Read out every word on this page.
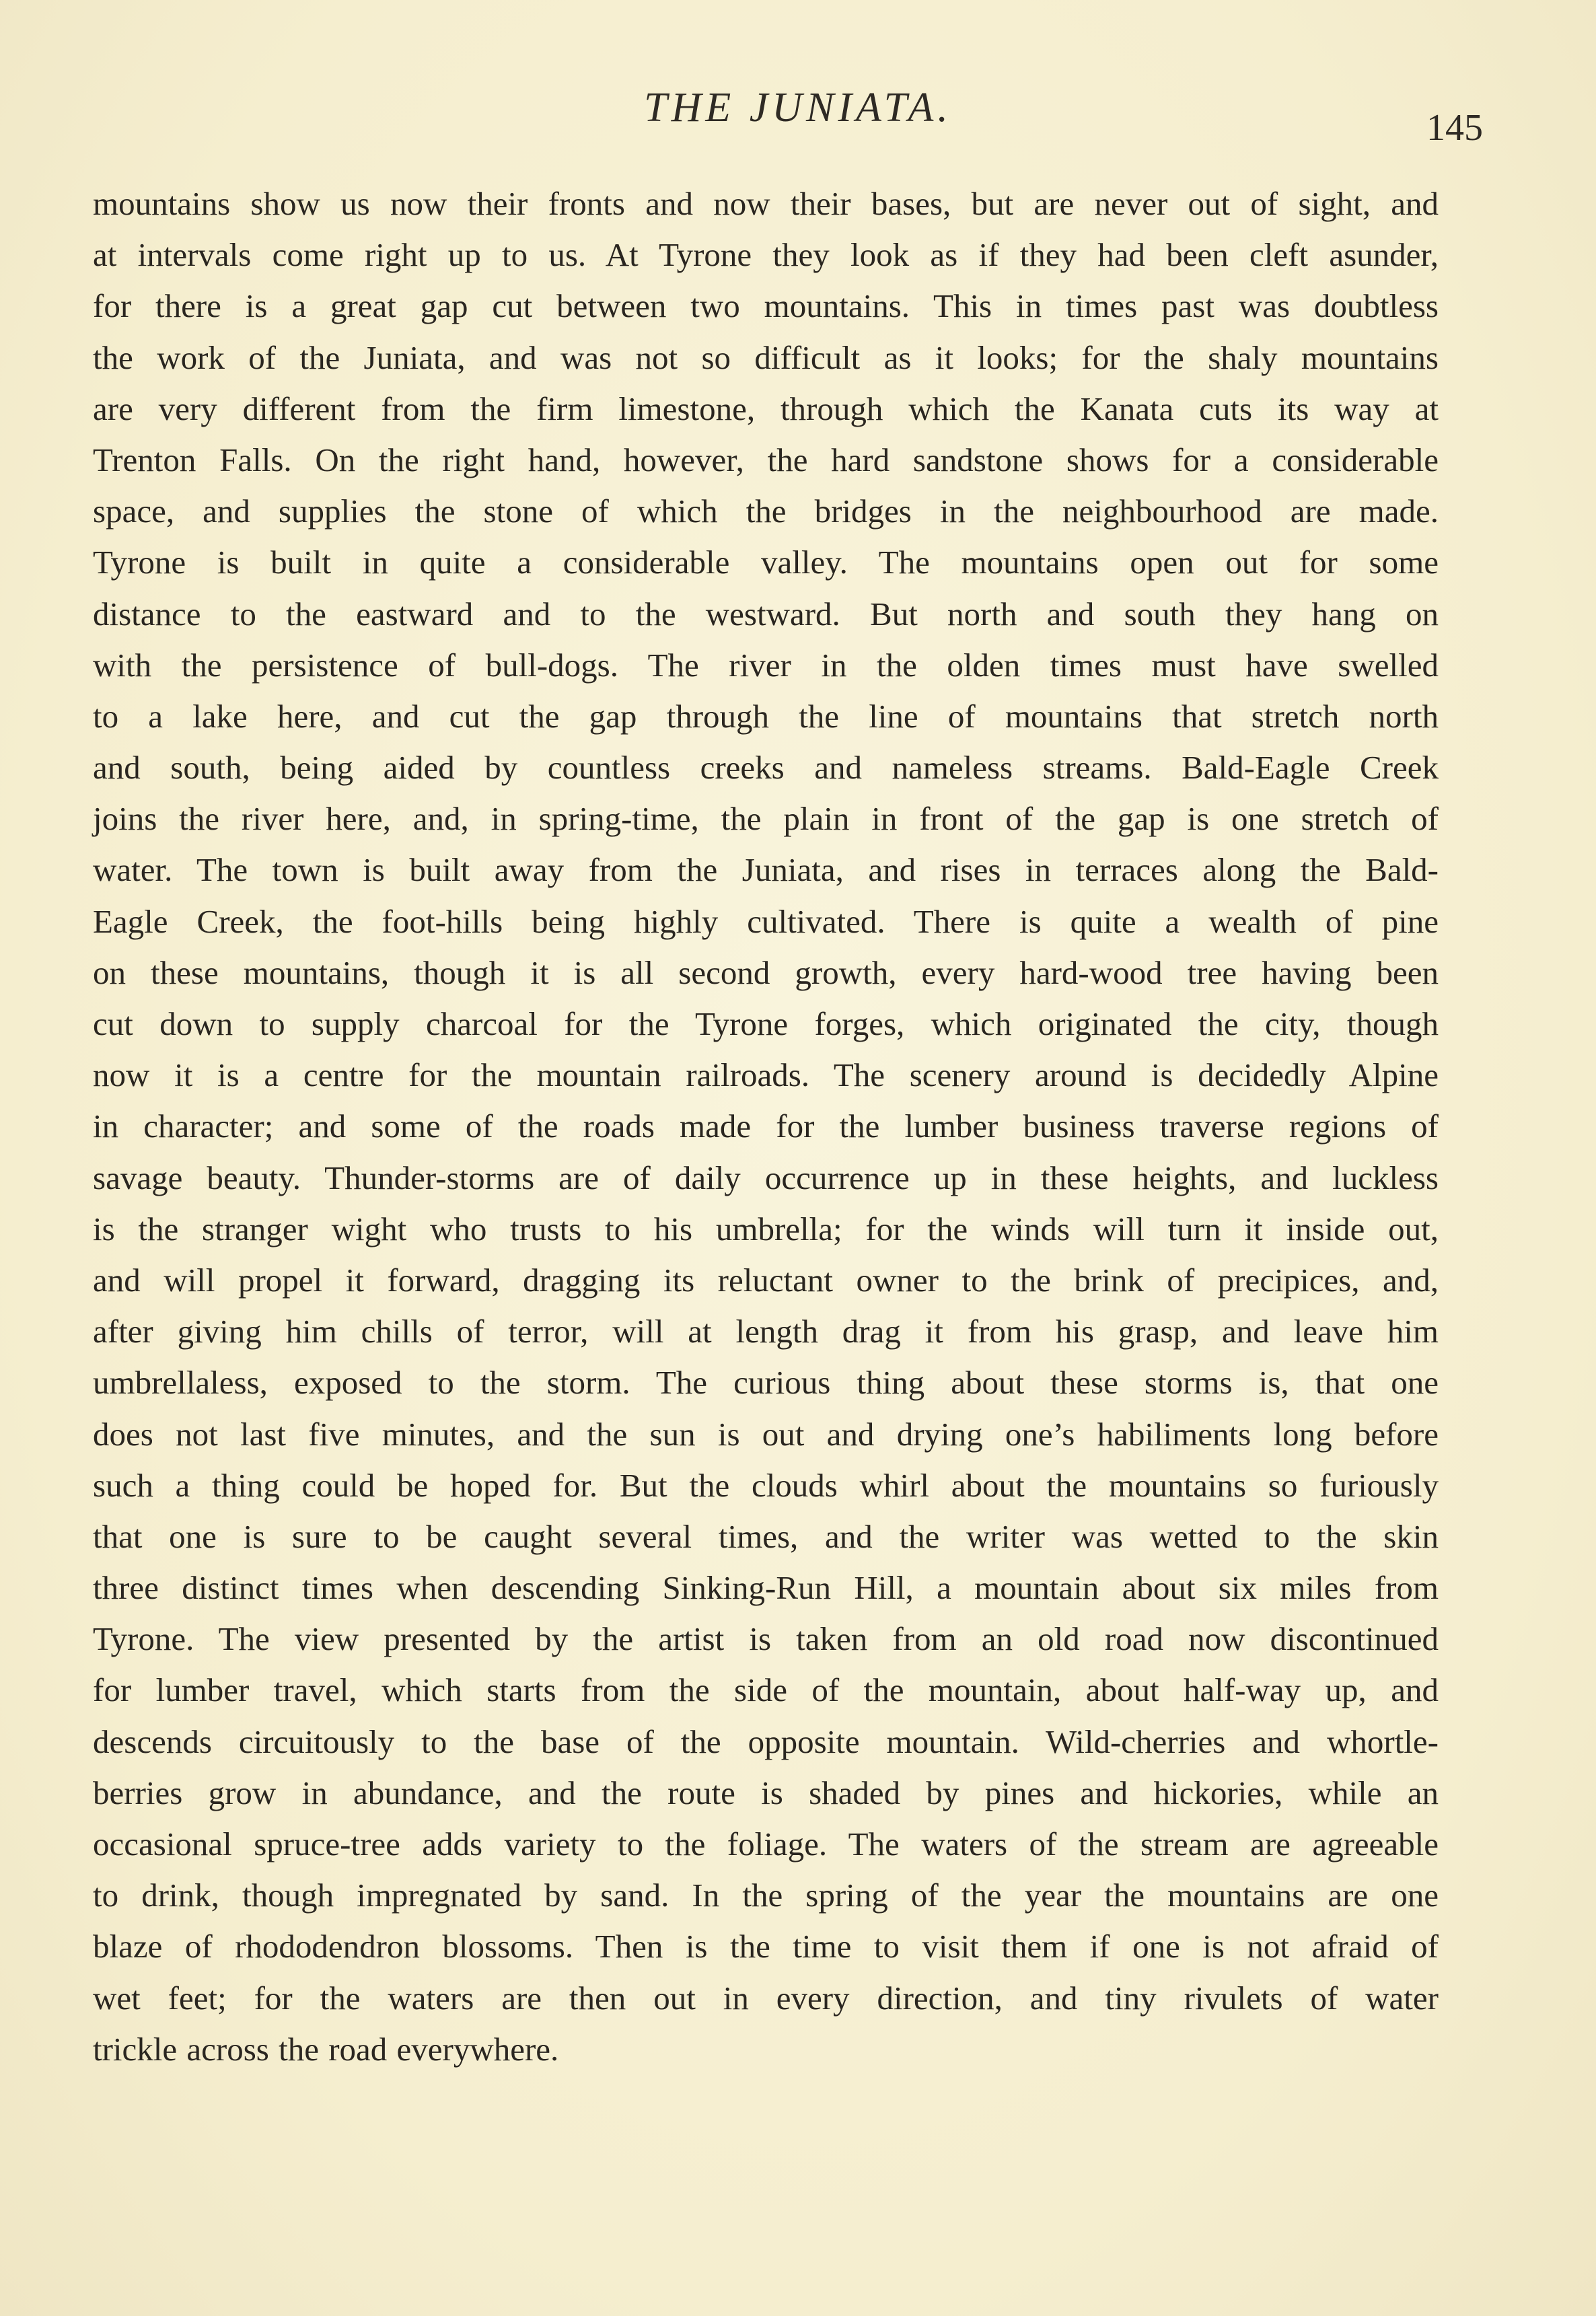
THE JUNIATA.	145
mountains show us now their fronts and now their bases, but are never out of sight, and
at intervals come right up to us. At Tyrone they look as if they had been cleft asunder,
for there is a great gap cut between two mountains. This in times past was doubtless
the work of the Juniata, and was not so difficult as it looks; for the shaly mountains
are very different from the firm limestone, through which the Kanata cuts its way at
Trenton Falls. On the right hand, however, the hard sandstone shows for a considerable
space, and supplies the stone of which the bridges in the neighbourhood are made.
Tyrone is built in quite a considerable valley. The mountains open out for some
distance to the eastward and to the westward. But north and south they hang on
with the persistence of bull-dogs. The river in the olden times must have swelled
to a lake here, and cut the gap through the line of mountains that stretch north
and south, being aided by countless creeks and nameless streams. Bald-Eagle Creek
joins the river here, and, in spring-time, the plain in front of the gap is one stretch of
water. The town is built away from the Juniata, and rises in terraces along the Bald-
Eagle Creek, the foot-hills being highly cultivated. There is quite a wealth of pine
on these mountains, though it is all second growth, every hard-wood tree having been
cut down to supply charcoal for the Tyrone forges, which originated the city, though
now it is a centre for the mountain railroads. The scenery around is decidedly Alpine
in character; and some of the roads made for the lumber business traverse regions of
savage beauty. Thunder-storms are of daily occurrence up in these heights, and luckless
is the stranger wight who trusts to his umbrella; for the winds will turn it inside out,
and will propel it forward, dragging its reluctant owner to the brink of precipices, and,
after giving him chills of terror, will at length drag it from his grasp, and leave him
umbrellaless, exposed to the storm. The curious thing about these storms is, that one
does not last five minutes, and the sun is out and drying one’s habiliments long before
such a thing could be hoped for. But the clouds whirl about the mountains so furiously
that one is sure to be caught several times, and the writer was wetted to the skin
three distinct times when descending Sinking-Run Hill, a mountain about six miles from
Tyrone. The view presented by the artist is taken from an old road now discontinued
for lumber travel, which starts from the side of the mountain, about half-way up, and
descends circuitously to the base of the opposite mountain. Wild-cherries and whortle-
berries grow in abundance, and the route is shaded by pines and hickories, while an
occasional spruce-tree adds variety to the foliage. The waters of the stream are agreeable
to drink, though impregnated by sand. In the spring of the year the mountains are one
blaze of rhododendron blossoms. Then is the time to visit them if one is not afraid of
wet feet; for the waters are then out in every direction, and tiny rivulets of water
trickle across the road everywhere.
